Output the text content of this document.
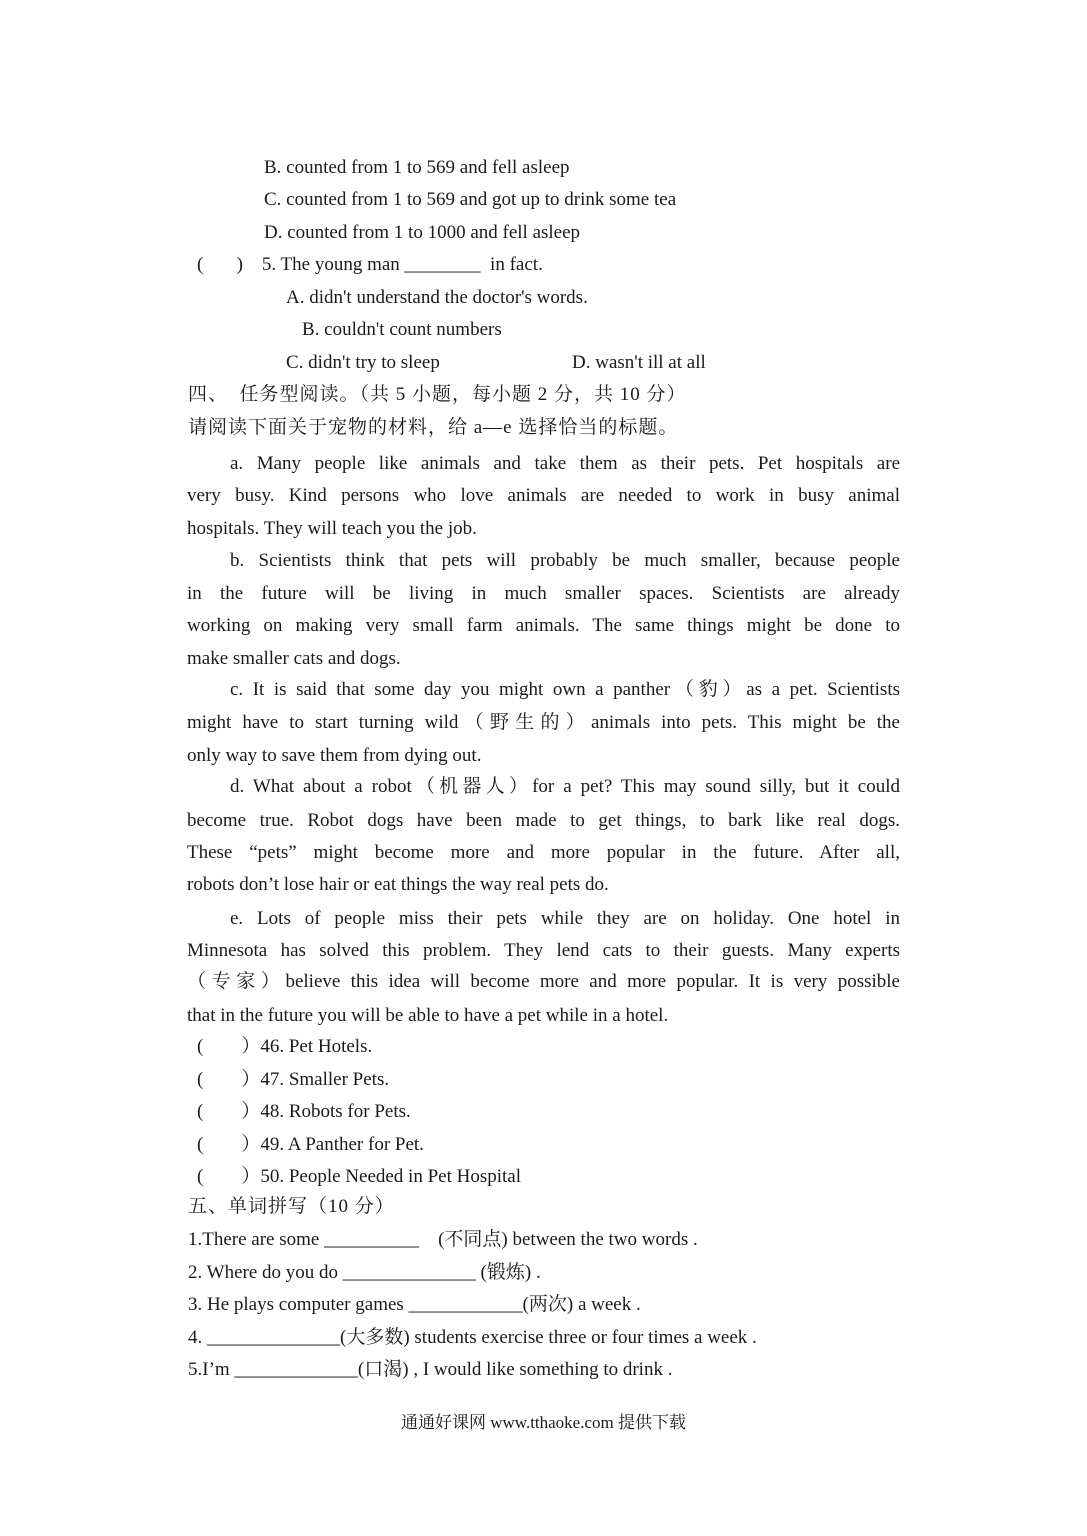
B. counted from 1 to 569 and fell asleep
C. counted from 1 to 569 and got up to drink some tea
D. counted from 1 to 1000 and fell asleep
(       )    5. The young man ________  in fact.
A. didn't understand the doctor's words.
B. couldn't count numbers
C. didn't try to sleep	D. wasn't ill at all
四、  任务型阅读。（共 5 小题，每小题 2 分，共 10 分）
请阅读下面关于宠物的材料，给 a—e 选择恰当的标题。
a. Many people like animals and take them as their pets. Pet hospitals are
very busy. Kind persons who love animals are needed to work in busy animal
hospitals. They will teach you the job.
b. Scientists think that pets will probably be much smaller, because people
in the future will be living in much smaller spaces. Scientists are already
working on making very small farm animals. The same things might be done to
make smaller cats and dogs.
c. It is said that some day you might own a panther（豹）as a pet. Scientists
might have to start turning wild（野生的）animals into pets. This might be the
only way to save them from dying out.
d. What about a robot（机器人）for a pet? This may sound silly, but it could
become true. Robot dogs have been made to get things, to bark like real dogs.
These “pets” might become more and more popular in the future. After all,
robots don’t lose hair or eat things the way real pets do.
e. Lots of people miss their pets while they are on holiday. One hotel in
Minnesota has solved this problem. They lend cats to their guests. Many experts
（专家）believe this idea will become more and more popular. It is very possible
that in the future you will be able to have a pet while in a hotel.
(        ）46. Pet Hotels.
(        ）47. Smaller Pets.
(        ）48. Robots for Pets.
(        ）49. A Panther for Pet.
(        ）50. People Needed in Pet Hospital
五、单词拼写（10 分）
1.There are some __________    (不同点) between the two words .
2. Where do you do ______________ (锻炼) .
3. He plays computer games ____________(两次) a week .
4. ______________(大多数) students exercise three or four times a week .
5.I’m _____________(口渴) , I would like something to drink .
通通好课网 www.tthaoke.com 提供下载
